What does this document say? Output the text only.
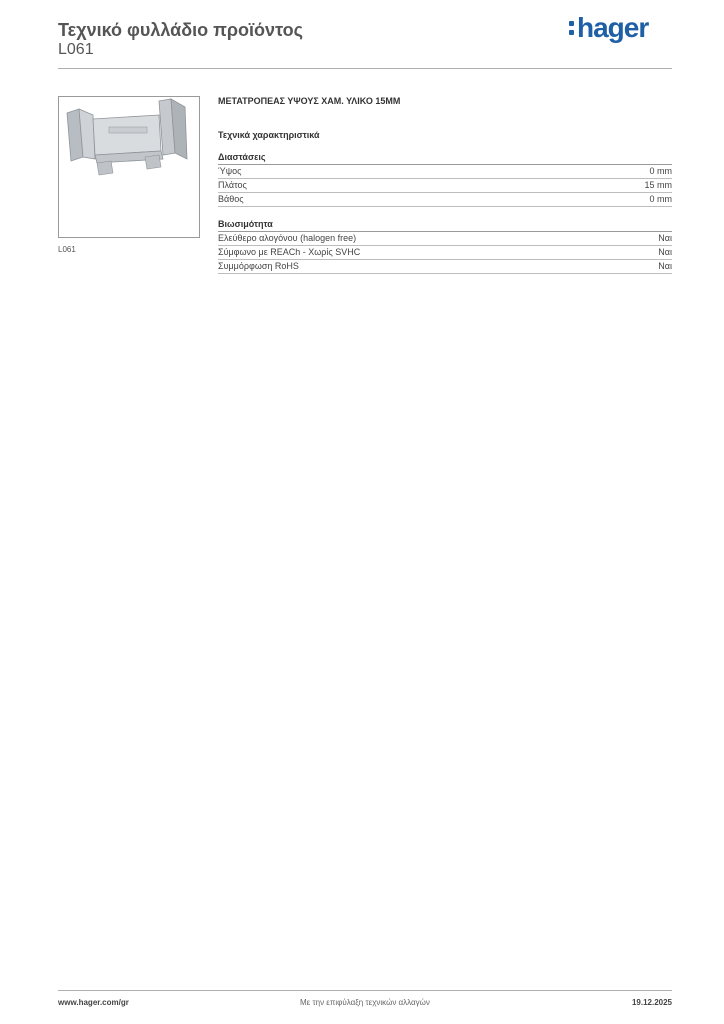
Τεχνικό φυλλάδιο προϊόντος
L061
hager
L061
ΜΕΤΑΤΡΟΠΕΑΣ ΥΨΟΥΣ ΧΑΜ. ΥΛΙΚΟ 15ΜΜ
Τεχνικά χαρακτηριστικά
Διαστάσεις
Ύψος	0 mm
Πλάτος	15 mm
Βάθος	0 mm
Βιωσιμότητα
Ελεύθερο αλογόνου (halogen free)	Ναι
Σύμφωνο με REACh - Χωρίς SVHC	Ναι
Συμμόρφωση RoHS	Ναι
www.hager.com/gr	Με την επιφύλαξη τεχνικών αλλαγών	19.12.2025
